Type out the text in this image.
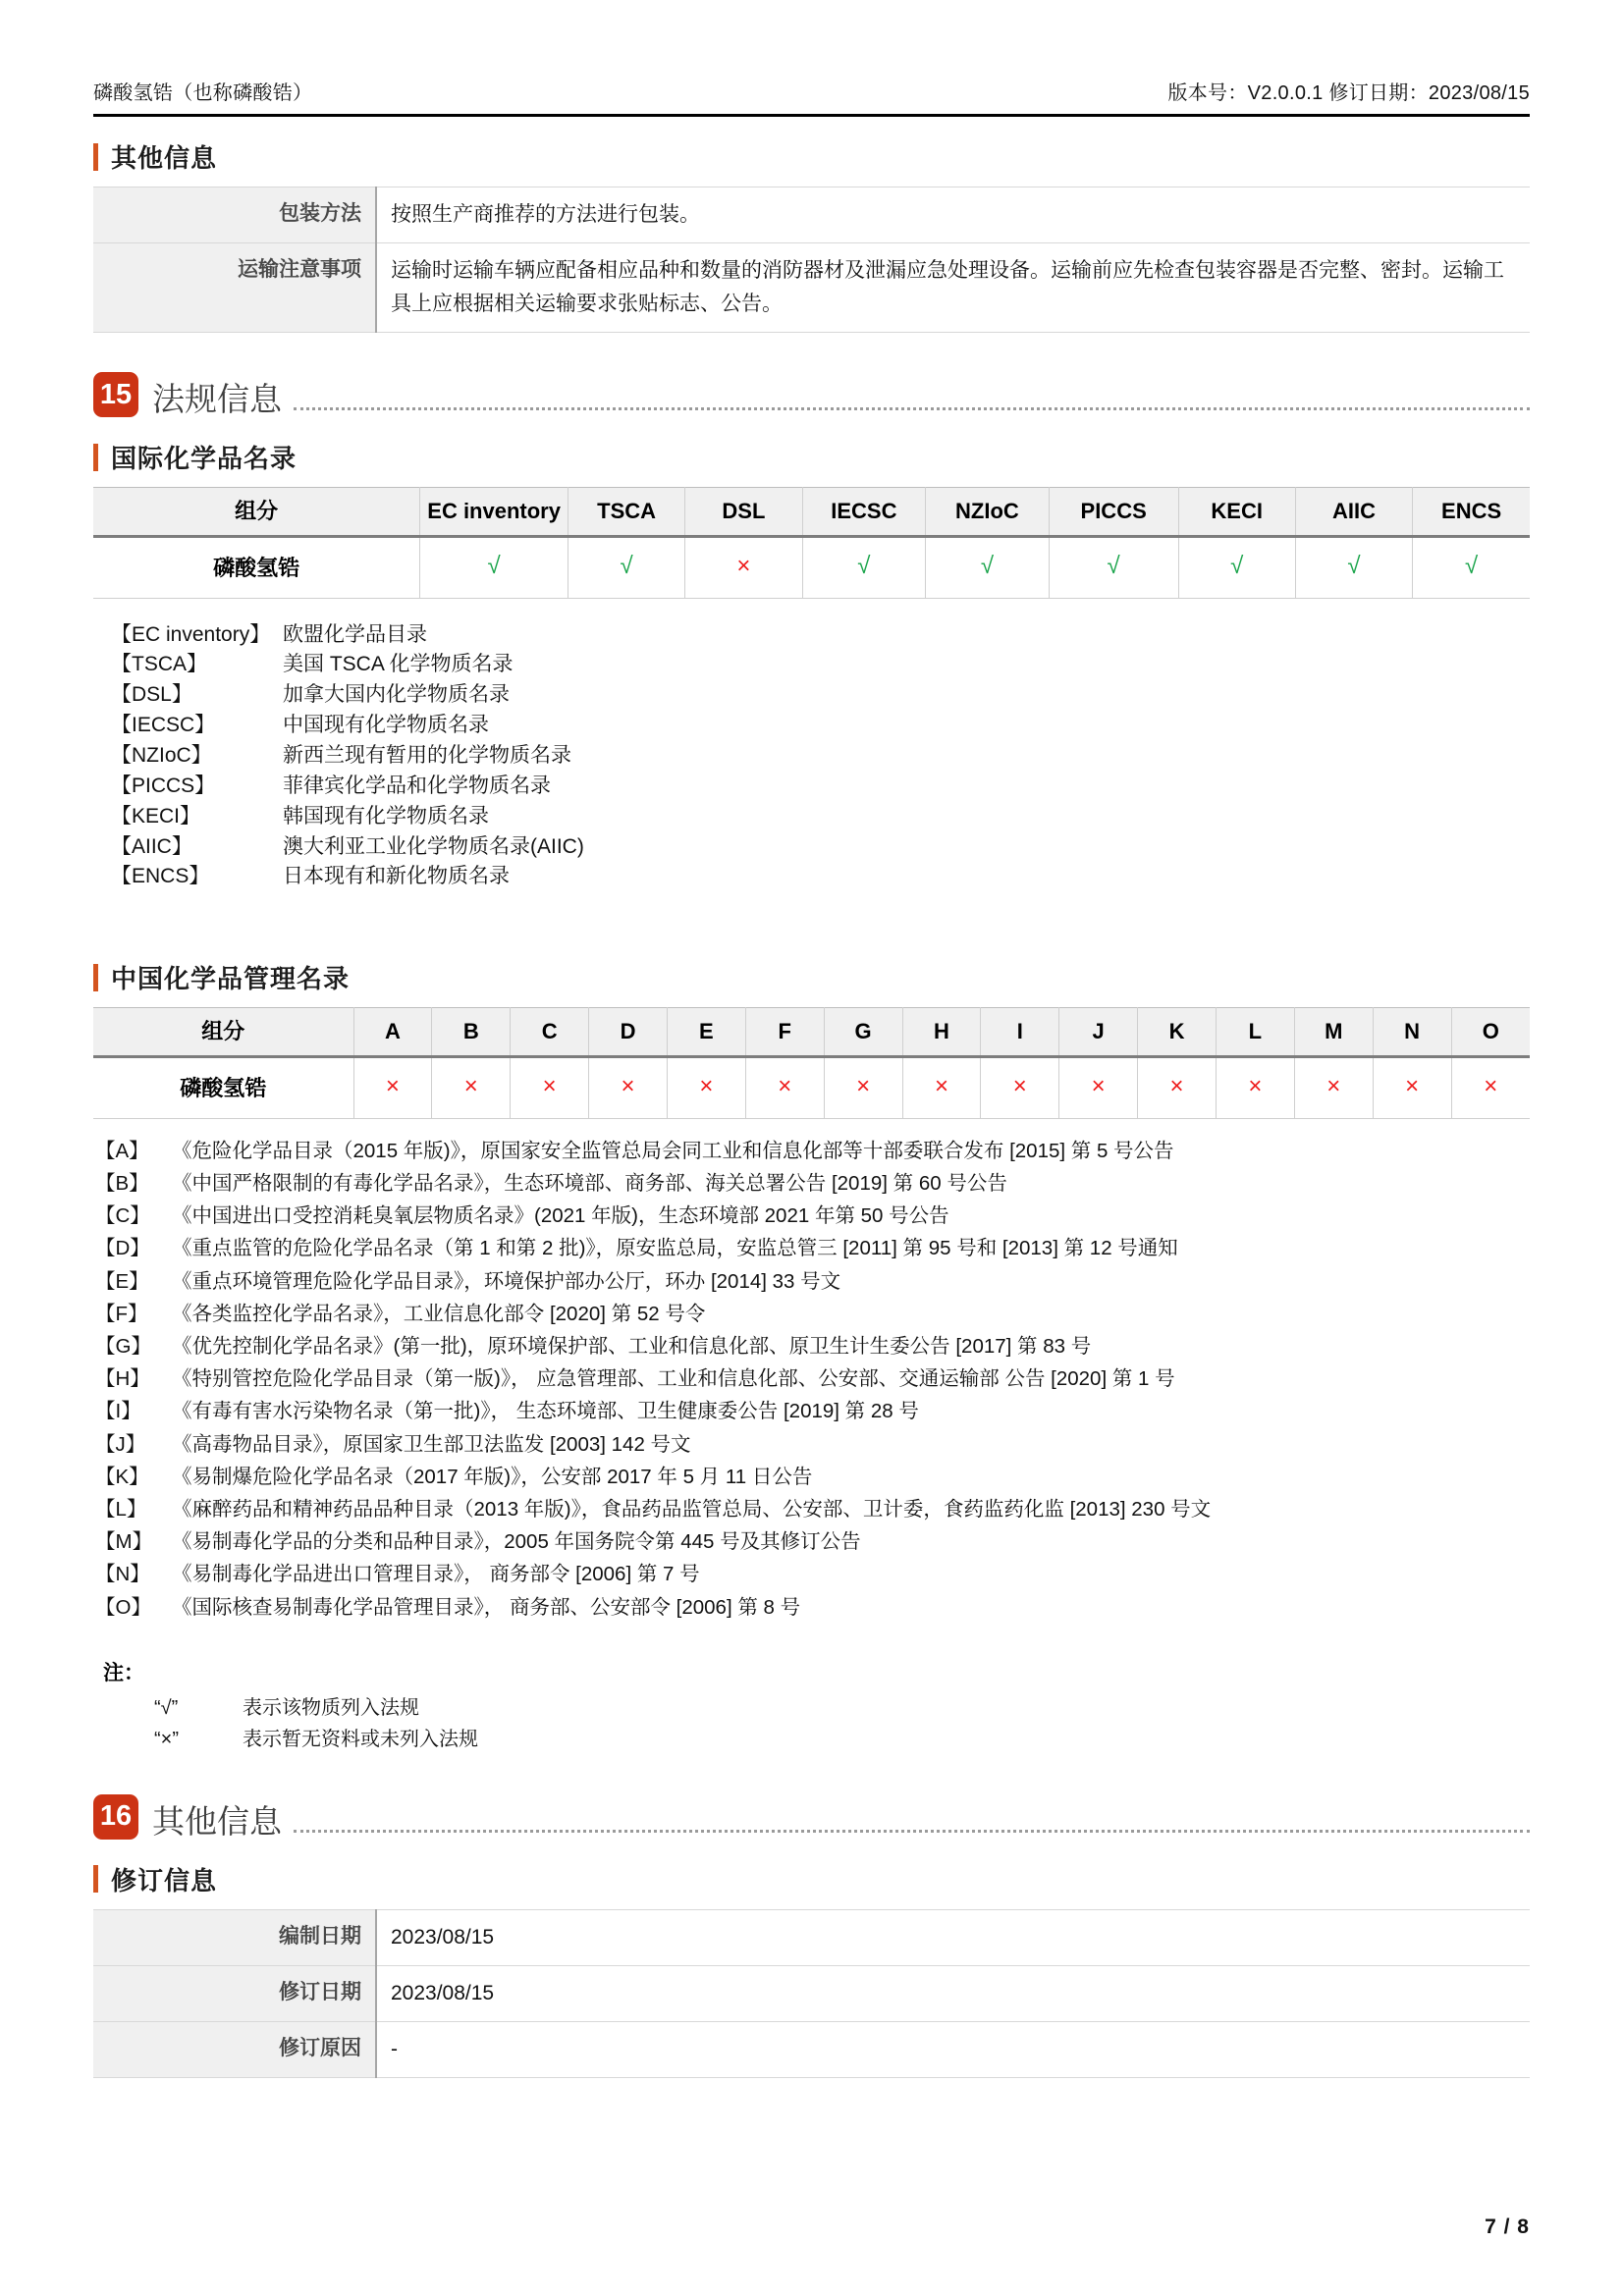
磷酸氢锆（也称磷酸锆）	版本号：V2.0.0.1 修订日期：2023/08/15
其他信息
包装方法	按照生产商推荐的方法进行包装。
运输注意事项	运输时运输车辆应配备相应品种和数量的消防器材及泄漏应急处理设备。运输前应先检查包装容器是否完整、密封。运输工具上应根据相关运输要求张贴标志、公告。
15 法规信息
国际化学品名录
组分	EC inventory	TSCA	DSL	IECSC	NZIoC	PICCS	KECI	AIIC	ENCS
磷酸氢锆	√	√	×	√	√	√	√	√	√
【EC inventory】 欧盟化学品目录
【TSCA】	美国 TSCA 化学物质名录
【DSL】	加拿大国内化学物质名录
【IECSC】	中国现有化学物质名录
【NZIoC】	新西兰现有暂用的化学物质名录
【PICCS】	菲律宾化学品和化学物质名录
【KECI】	韩国现有化学物质名录
【AIIC】	澳大利亚工业化学物质名录(AIIC)
【ENCS】	日本现有和新化物质名录
中国化学品管理名录
组分	A	B	C	D	E	F	G	H	I	J	K	L	M	N	O
磷酸氢锆	×	×	×	×	×	×	×	×	×	×	×	×	×	×	×
【A】	《危险化学品目录（2015 年版)》，原国家安全监管总局会同工业和信息化部等十部委联合发布 [2015] 第 5 号公告
【B】	《中国严格限制的有毒化学品名录》，生态环境部、商务部、海关总署公告 [2019] 第 60 号公告
【C】	《中国进出口受控消耗臭氧层物质名录》(2021 年版)，生态环境部 2021 年第 50 号公告
【D】	《重点监管的危险化学品名录（第 1 和第 2 批)》，原安监总局，安监总管三 [2011] 第 95 号和 [2013] 第 12 号通知
【E】	《重点环境管理危险化学品目录》，环境保护部办公厅，环办 [2014] 33 号文
【F】	《各类监控化学品名录》，工业信息化部令 [2020] 第 52 号令
【G】	《优先控制化学品名录》(第一批)，原环境保护部、工业和信息化部、原卫生计生委公告 [2017] 第 83 号
【H】	《特别管控危险化学品目录（第一版)》， 应急管理部、工业和信息化部、公安部、交通运输部 公告 [2020] 第 1 号
【I】	《有毒有害水污染物名录（第一批)》， 生态环境部、卫生健康委公告 [2019] 第 28 号
【J】	《高毒物品目录》，原国家卫生部卫法监发 [2003] 142 号文
【K】	《易制爆危险化学品名录（2017 年版)》，公安部 2017 年 5 月 11 日公告
【L】	《麻醉药品和精神药品品种目录（2013 年版)》，食品药品监管总局、公安部、卫计委，食药监药化监 [2013] 230 号文
【M】 《易制毒化学品的分类和品种目录》，2005 年国务院令第 445 号及其修订公告
【N】	《易制毒化学品进出口管理目录》， 商务部令 [2006] 第 7 号
【O】	《国际核查易制毒化学品管理目录》， 商务部、公安部令 [2006] 第 8 号
注：
“√”	表示该物质列入法规
“×”	表示暂无资料或未列入法规
16 其他信息
修订信息
编制日期	2023/08/15
修订日期	2023/08/15
修订原因	-
7 / 8
